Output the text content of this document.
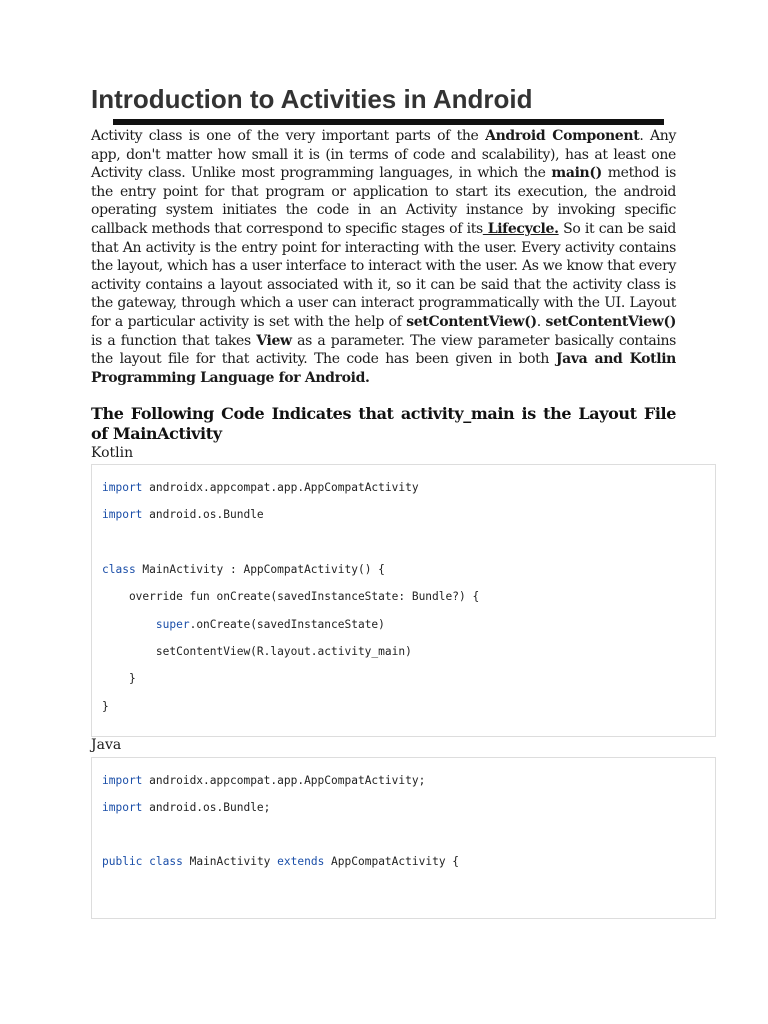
Introduction to Activities in Android

Activity class is one of the very important parts of the Android Component. Any app, don't matter how small it is (in terms of code and scalability), has at least one Activity class. Unlike most programming languages, in which the main() method is the entry point for that program or application to start its execution, the android operating system initiates the code in an Activity instance by invoking specific callback methods that correspond to specific stages of its Lifecycle. So it can be said that An activity is the entry point for interacting with the user. Every activity contains the layout, which has a user interface to interact with the user. As we know that every activity contains a layout associated with it, so it can be said that the activity class is the gateway, through which a user can interact programmatically with the UI. Layout for a particular activity is set with the help of setContentView(). setContentView() is a function that takes View as a parameter. The view parameter basically contains the layout file for that activity. The code has been given in both Java and Kotlin Programming Language for Android.

The Following Code Indicates that activity_main is the Layout File of MainActivity

Kotlin
import androidx.appcompat.app.AppCompatActivity
import android.os.Bundle
class MainActivity : AppCompatActivity() {
override fun onCreate(savedInstanceState: Bundle?) {
super.onCreate(savedInstanceState)
setContentView(R.layout.activity_main)
}
}
Java
import androidx.appcompat.app.AppCompatActivity;
import android.os.Bundle;
public class MainActivity extends AppCompatActivity {
